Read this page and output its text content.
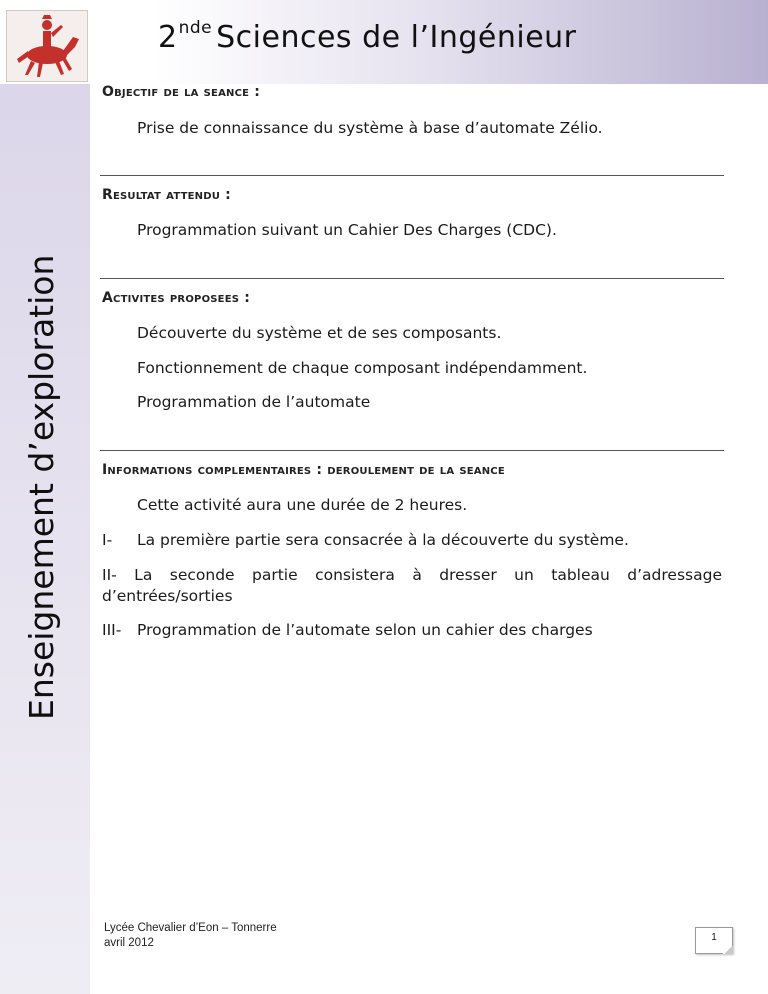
2nde Sciences de l’Ingénieur
Enseignement d’exploration
Objectif de la seance :
Prise de connaissance du système à base d’automate Zélio.
Resultat attendu :
Programmation suivant un Cahier Des Charges (CDC).
Activites proposees :
Découverte du système et de ses composants.
Fonctionnement de chaque composant indépendamment.
Programmation de l’automate
Informations complementaires : deroulement de la seance
Cette activité aura une durée de 2 heures.
I- La première partie sera consacrée à la découverte du système.
II- La seconde partie consistera à dresser un tableau d’adressage d’entrées/sorties
III- Programmation de l’automate selon un cahier des charges
Lycée Chevalier d’Eon – Tonnerre
avril 2012	1
